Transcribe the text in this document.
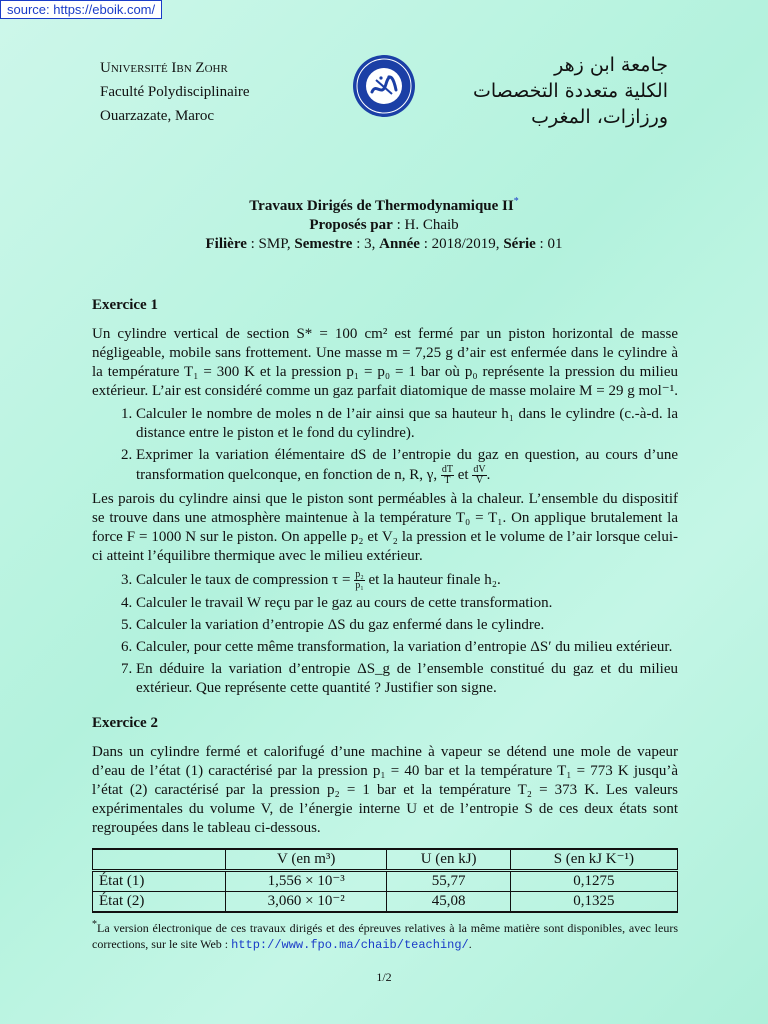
source: https://eboik.com/
Université Ibn Zohr
Faculté Polydisciplinaire
Ouarzazate, Maroc
جامعة ابن زهر
الكلية متعددة التخصصات
ورزازات، المغرب
Travaux Dirigés de Thermodynamique II*
Proposés par : H. Chaib
Filière : SMP, Semestre : 3, Année : 2018/2019, Série : 01
Exercice 1

Un cylindre vertical de section S* = 100 cm² est fermé par un piston horizontal de masse négligeable, mobile sans frottement. Une masse m = 7,25 g d’air est enfermée dans le cylindre à la température T₁ = 300 K et la pression p₁ = p₀ = 1 bar où p₀ représente la pression du milieu extérieur. L’air est considéré comme un gaz parfait diatomique de masse molaire M = 29 g mol⁻¹.

1. Calculer le nombre de moles n de l’air ainsi que sa hauteur h₁ dans le cylindre (c.-à-d. la distance entre le piston et le fond du cylindre).
2. Exprimer la variation élémentaire dS de l’entropie du gaz en question, au cours d’une transformation quelconque, en fonction de n, R, γ, $\frac{dT}{T}$ et $\frac{dV}{V}$ .

Les parois du cylindre ainsi que le piston sont perméables à la chaleur. L’ensemble du dispositif se trouve dans une atmosphère maintenue à la température T₀ = T₁. On applique brutalement la force F = 1000 N sur le piston. On appelle p₂ et V₂ la pression et le volume de l’air lorsque celui-ci atteint l’équilibre thermique avec le milieu extérieur.

3. Calculer le taux de compression $\tau = \frac{\text{p₂}}{\text{p₁}}$ et la hauteur finale h₂.
4. Calculer le travail W reçu par le gaz au cours de cette transformation.
5. Calculer la variation d’entropie ΔS du gaz enfermé dans le cylindre.
6. Calculer, pour cette même transformation, la variation d’entropie ΔS′ du milieu extérieur.
7. En déduire la variation d’entropie ΔS_g de l’ensemble constitué du gaz et du milieu extérieur. Que représente cette quantité ? Justifier son signe.
Exercice 2

Dans un cylindre fermé et calorifugé d’une machine à vapeur se détend une mole de vapeur d’eau de l’état (1) caractérisé par la pression p₁ = 40 bar et la température T₁ = 773 K jusqu’à l’état (2) caractérisé par la pression p₂ = 1 bar et la température T₂ = 373 K. Les valeurs expérimentales du volume V, de l’énergie interne U et de l’entropie S de ces deux états sont regroupées dans le tableau ci-dessous.

	V (en m³)	U (en kJ)	S (en kJ K⁻¹)
État (1)	1,556 × 10⁻³	55,77	0,1275
État (2)	3,060 × 10⁻²	45,08	0,1325
*La version électronique de ces travaux dirigés et des épreuves relatives à la même matière sont disponibles, avec leurs corrections, sur le site Web : http://www.fpo.ma/chaib/teaching/.
1/2
